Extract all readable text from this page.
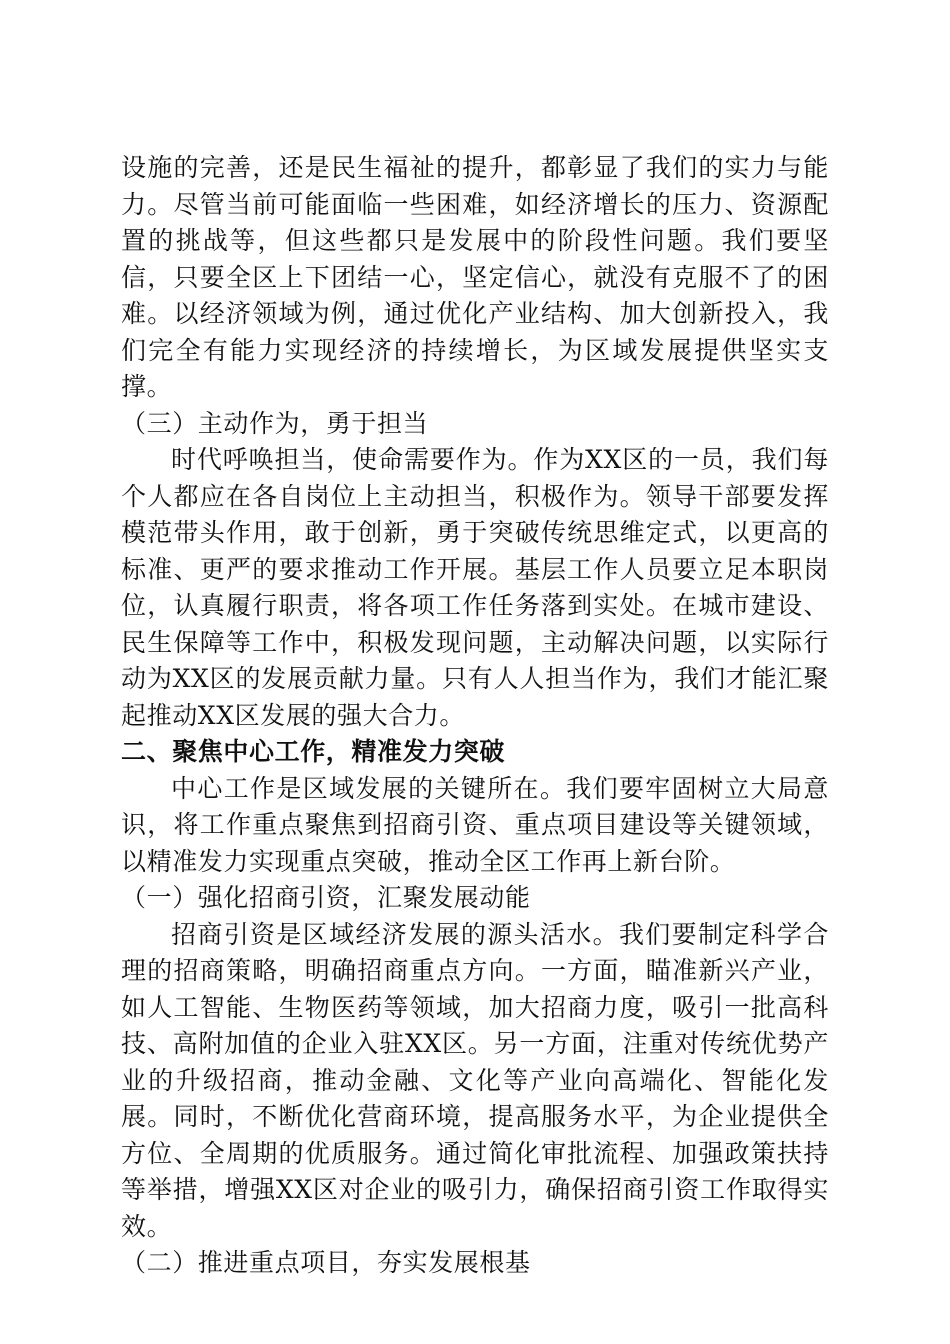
设施的完善，还是民生福祉的提升，都彰显了我们的实力与能力。尽管当前可能面临一些困难，如经济增长的压力、资源配置的挑战等，但这些都只是发展中的阶段性问题。我们要坚信，只要全区上下团结一心，坚定信心，就没有克服不了的困难。以经济领域为例，通过优化产业结构、加大创新投入，我们完全有能力实现经济的持续增长，为区域发展提供坚实支撑。

（三）主动作为，勇于担当

时代呼唤担当，使命需要作为。作为XX区的一员，我们每个人都应在各自岗位上主动担当，积极作为。领导干部要发挥模范带头作用，敢于创新，勇于突破传统思维定式，以更高的标准、更严的要求推动工作开展。基层工作人员要立足本职岗位，认真履行职责，将各项工作任务落到实处。在城市建设、民生保障等工作中，积极发现问题，主动解决问题，以实际行动为XX区的发展贡献力量。只有人人担当作为，我们才能汇聚起推动XX区发展的强大合力。

二、聚焦中心工作，精准发力突破

中心工作是区域发展的关键所在。我们要牢固树立大局意识，将工作重点聚焦到招商引资、重点项目建设等关键领域，以精准发力实现重点突破，推动全区工作再上新台阶。

（一）强化招商引资，汇聚发展动能

招商引资是区域经济发展的源头活水。我们要制定科学合理的招商策略，明确招商重点方向。一方面，瞄准新兴产业，如人工智能、生物医药等领域，加大招商力度，吸引一批高科技、高附加值的企业入驻XX区。另一方面，注重对传统优势产业的升级招商，推动金融、文化等产业向高端化、智能化发展。同时，不断优化营商环境，提高服务水平，为企业提供全方位、全周期的优质服务。通过简化审批流程、加强政策扶持等举措，增强XX区对企业的吸引力，确保招商引资工作取得实效。

（二）推进重点项目，夯实发展根基
